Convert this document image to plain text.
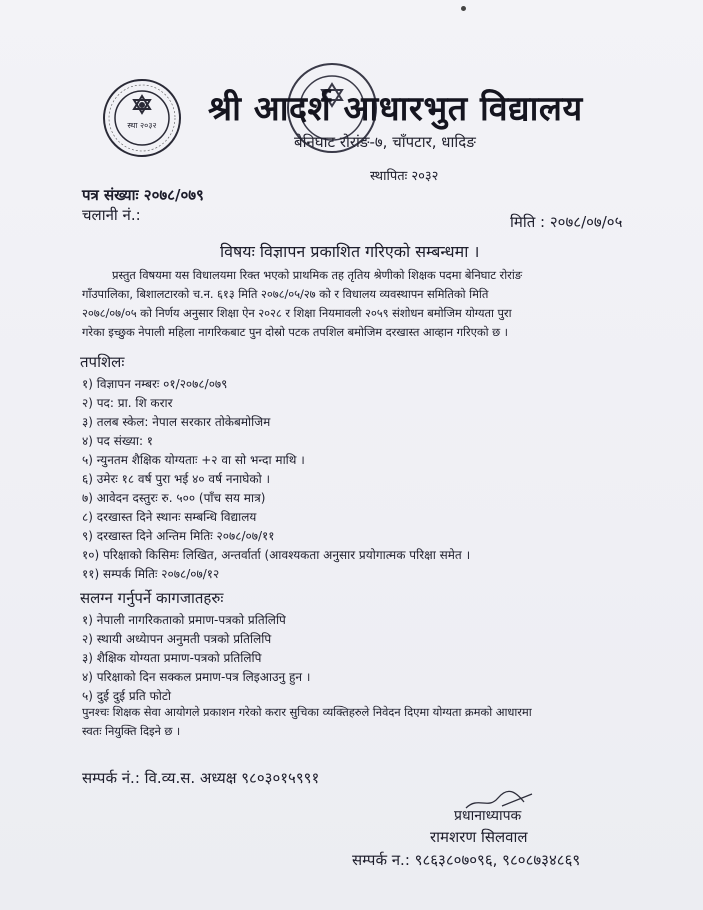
स्था २०३२ श्री आदर्श आधारभुत विद्यालय
बेनिघाट रोरांङ-७, चाँपटार, धादिङ
स्थापितः २०३२
पत्र संख्याः २०७८/०७९
चलानी नं.:	मिति : २०७८/०७/०५
विषयः विज्ञापन प्रकाशित गरिएको सम्बन्धमा ।
प्रस्तुत विषयमा यस विधालयमा रिक्त भएको प्राथमिक तह तृतिय श्रेणीको शिक्षक पदमा बेनिघाट रोरांङ
गाँउपालिका, बिशालटारको च.न. ६१३ मिति २०७८/०५/२७ को र विधालय व्यवस्थापन समितिको मिति
२०७८/०७/०५ को निर्णय अनुसार शिक्षा ऐन २०२८ र शिक्षा नियमावली २०५९ संशोधन बमोजिम योग्यता पुरा
गरेका इच्छुक नेपाली महिला नागरिकबाट पुन दोस्रो पटक तपशिल बमोजिम दरखास्त आव्हान गरिएको छ ।
तपशिलः
१) विज्ञापन नम्बरः ०१/२०७८/०७९
२) पद: प्रा. शि करार
३) तलब स्केल: नेपाल सरकार तोकेबमोजिम
४) पद संख्या: १
५) न्युनतम शैक्षिक योग्यताः +२ वा सो भन्दा माथि ।
६) उमेरः १८ वर्ष पुरा भई ४० वर्ष ननाघेको ।
७) आवेदन दस्तुरः रु. ५०० (पाँच सय मात्र)
८) दरखास्त दिने स्थानः सम्बन्धि विद्यालय
९) दरखास्त दिने अन्तिम मितिः २०७८/०७/११
१०) परिक्षाको किसिमः लिखित, अन्तर्वार्ता (आवश्यकता अनुसार प्रयोगात्मक परिक्षा समेत ।
११) सम्पर्क मितिः २०७८/०७/१२
सलग्न गर्नुपर्ने कागजातहरुः
१) नेपाली नागरिकताको प्रमाण-पत्रको प्रतिलिपि
२) स्थायी अध्येापन अनुमती पत्रको प्रतिलिपि
३) शैक्षिक योग्यता प्रमाण-पत्रको प्रतिलिपि
४) परिक्षाको दिन सक्कल प्रमाण-पत्र लिइआउनु हुन ।
५) दुई दुई प्रति फोटो
पुनश्चः शिक्षक सेवा आयोगले प्रकाशन गरेको करार सुचिका व्यक्तिहरुले निवेदन दिएमा योग्यता क्रमको आधारमा
स्वतः नियुक्ति दिइने छ ।
सम्पर्क नं.: वि.व्य.स. अध्यक्ष ९८०३०१५९९१
प्रधानाध्यापक
रामशरण सिलवाल
सम्पर्क न.: ९८६३८०७०९६, ९८०८७३४८६९
